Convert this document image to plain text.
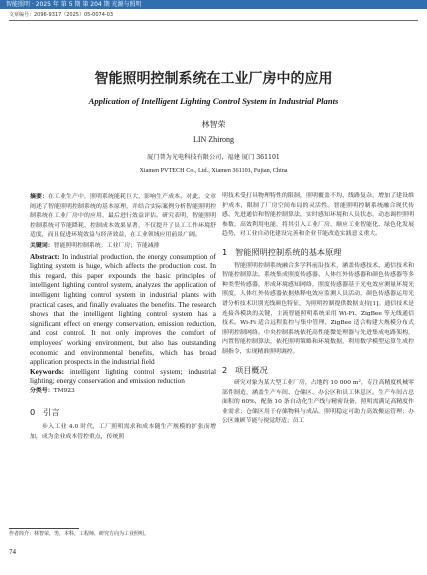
智能照明 · 2025 年 第 5 期 第 204 期 光源与照明
文章编号：2096-9317（2025）05-0074-03
智能照明控制系统在工业厂房中的应用
Application of Intelligent Lighting Control System in Industrial Plants
林智荣
LIN Zhirong
厦门普为光电科技有限公司，福建 厦门 361101
Xiamen PVTECH Co., Ltd., Xiamen 361101, Fujian, China

摘要：在工业生产中，照明系统能耗巨大，影响生产成本。对此，文章阐述了智能照明控制系统的基本原理，并结合实际案例分析智能照明控制系统在工业厂房中的应用，最后进行效益评估。研究表明，智能照明控制系统可节能降耗、控制成本效果显著，不仅提升了员工工作环境舒适度，而且促进环境效益与经济效益，在工业领域应用前景广阔。

关键词：智能照明控制系统；工业厂房；节能减排

Abstract: In industrial production, the energy consumption of lighting system is huge, which affects the production cost. In this regard, this paper expounds the basic principles of intelligent lighting control system, analyzes the application of intelligent lighting control system in industrial plants with practical cases, and finally evaluates the benefits. The research shows that the intelligent lighting control system has a significant effect on energy conservation, emission reduction, and cost control. It not only improves the comfort of employees' working environment, but also has outstanding economic and environmental benefits, which has broad application prospects in the industrial field

Keywords: intelligent lighting control system; industrial lighting; energy conservation and emission reduction

分类号：TM923

0 引言

步入工业 4.0 时代，工厂照明需求和成本随生产规模的扩张而增加，成为企业成本管控重点，传统照

明技术受打具物理特性的限制，照明覆盖不均、线路复杂，增加了建设维护成本，限制了厂房空间布局的灵活性。智能照明控制系统融合现代传感、先进通信和智能控制算法，实时感知环境和人员状态，动态调控照明参数，高效利用电能，将其引入工业厂房，顺应工业智能化、绿色化发展趋势，对工业自动化建设完善和企业节能改造实践意义重大。

1 智能照明控制系统的基本原理

智能照明控制系统融合多学科前沿技术，涵盖传感技术、通信技术和智能控制算法。系统集成照度传感器、人体红外传感器和颜色传感器等多种类型传感器，形成环境感知网络，照度传感器基于光电效应测量环境光照度，人体红外传感器依据热释电效应监测人员活动，颜色传感器运用光谱分析技术识别光线颜色特征，为照明控制提供数据支持[1]。通信技术是连接各模块的关键，主流智能照明系统采用 Wi-Fi、ZigBee 等无线通信技术。Wi-Fi 适合远程监控与集中管理，ZigBee 适合构建大规模分布式照明控制网络。中央控制系统依托高性能微处理器与先进集成电路架构，内置智能控制算法，依托照明策略和环境数据，利用数学模型运算生成控制指令，实现精准照明调控。

2 项目概况

研究对象为某大型工业厂房，占地约 10 000 m²，专注高精度机械零部件制造，涵盖生产车间、仓储区、办公区和员工休息区。生产车间占总面积的 60%，配备 10 条自动化生产线与精密设备，照明需满足高精度作业需求；仓储区用于存储物料与成品，照明稳定可助力高效搬运管理；办公区兼顾节能与视觉舒适；员工

作者简介：林智荣，男，本科，工程师，研究方向为工业照明。
74
